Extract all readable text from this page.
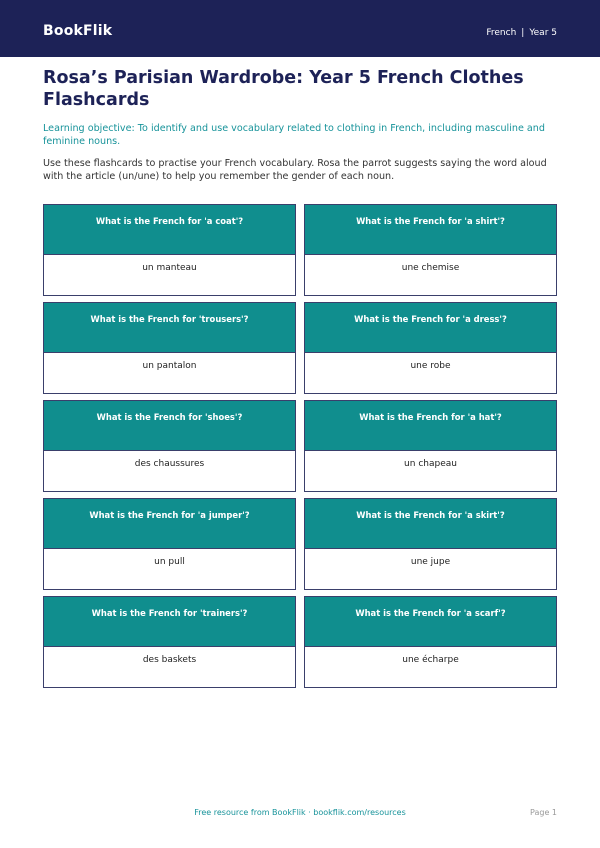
BookFlik	French | Year 5
Rosa’s Parisian Wardrobe: Year 5 French Clothes Flashcards

Learning objective: To identify and use vocabulary related to clothing in French, including masculine and feminine nouns.

Use these flashcards to practise your French vocabulary. Rosa the parrot suggests saying the word aloud with the article (un/une) to help you remember the gender of each noun.

What is the French for 'a coat'?
un manteau
What is the French for 'a shirt'?
une chemise
What is the French for 'trousers'?
un pantalon
What is the French for 'a dress'?
une robe
What is the French for 'shoes'?
des chaussures
What is the French for 'a hat'?
un chapeau
What is the French for 'a jumper'?
un pull
What is the French for 'a skirt'?
une jupe
What is the French for 'trainers'?
des baskets
What is the French for 'a scarf'?
une écharpe
Free resource from BookFlik · bookflik.com/resources	Page 1
